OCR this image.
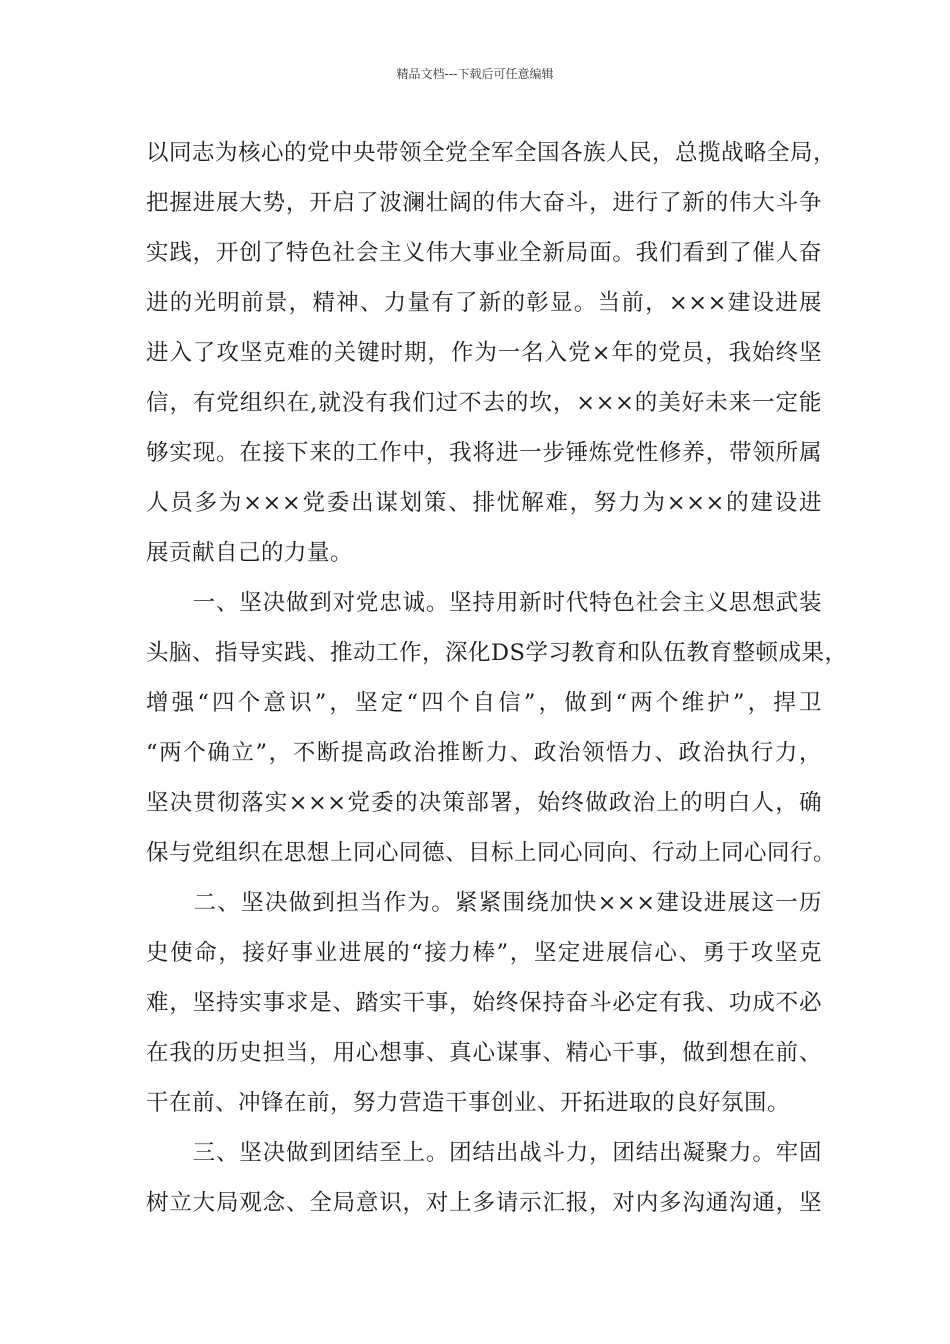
精品文档---下载后可任意编辑
以同志为核心的党中央带领全党全军全国各族人民，总揽战略全局，
把握进展大势，开启了波澜壮阔的伟大奋斗，进行了新的伟大斗争
实践，开创了特色社会主义伟大事业全新局面。我们看到了催人奋
进的光明前景，精神、力量有了新的彰显。当前，×××建设进展
进入了攻坚克难的关键时期，作为一名入党×年的党员，我始终坚
信，有党组织在,就没有我们过不去的坎，×××的美好未来一定能
够实现。在接下来的工作中，我将进一步锤炼党性修养，带领所属
人员多为×××党委出谋划策、排忧解难，努力为×××的建设进
展贡献自己的力量。
　　一、坚决做到对党忠诚。坚持用新时代特色社会主义思想武装
头脑、指导实践、推动工作，深化DS学习教育和队伍教育整顿成果，
增强“四个意识”，坚定“四个自信”，做到“两个维护”，捍卫
“两个确立”，不断提高政治推断力、政治领悟力、政治执行力，
坚决贯彻落实×××党委的决策部署，始终做政治上的明白人，确
保与党组织在思想上同心同德、目标上同心同向、行动上同心同行。
　　二、坚决做到担当作为。紧紧围绕加快×××建设进展这一历
史使命，接好事业进展的“接力棒”，坚定进展信心、勇于攻坚克
难，坚持实事求是、踏实干事，始终保持奋斗必定有我、功成不必
在我的历史担当，用心想事、真心谋事、精心干事，做到想在前、
干在前、冲锋在前，努力营造干事创业、开拓进取的良好氛围。
　　三、坚决做到团结至上。团结出战斗力，团结出凝聚力。牢固
树立大局观念、全局意识，对上多请示汇报，对内多沟通沟通，坚
